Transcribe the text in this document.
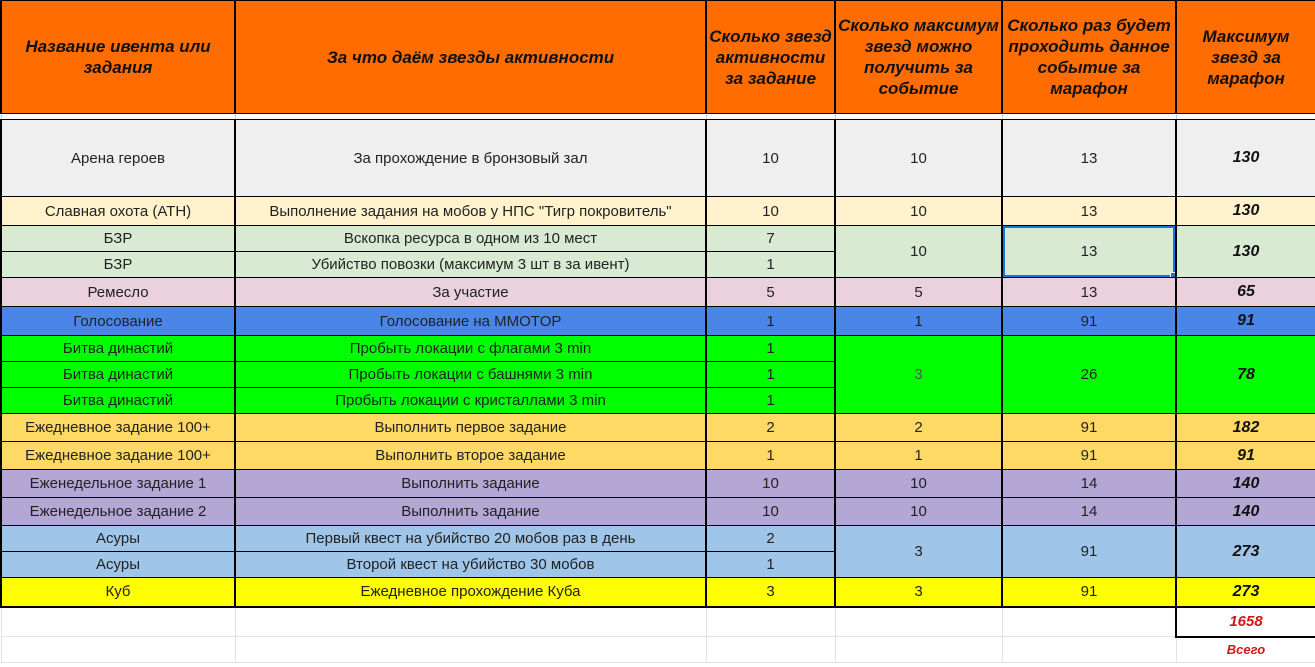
Название ивента или задания	За что даём звезды активности	Сколько звезд активности за задание	Сколько максимум звезд можно получить за событие	Сколько раз будет проходить данное событие за марафон	Максимум звезд за марафон

Арена героев	За прохождение в бронзовый зал	10	10	13	130
Славная охота (АТН)	Выполнение задания на мобов у НПС "Тигр покровитель"	10	10	13	130
БЗР	Вскопка ресурса в одном из 10 мест	7	10	13	130
БЗР	Убийство повозки (максимум 3 шт в за ивент)	1			
Ремесло	За участие	5	5	13	65
Голосование	Голосование на MMOTOP	1	1	91	91
Битва династий	Пробыть локации с флагами 3 min	1	3	26	78
Битва династий	Пробыть локации с башнями 3 min	1			
Битва династий	Пробыть локации с кристаллами 3 min	1			
Ежедневное задание 100+	Выполнить первое задание	2	2	91	182
Ежедневное задание 100+	Выполнить второе задание	1	1	91	91
Еженедельное задание 1	Выполнить задание	10	10	14	140
Еженедельное задание 2	Выполнить задание	10	10	14	140
Асуры	Первый квест на убийство 20 мобов раз в день	2	3	91	273
Асуры	Второй квест на убийство 30 мобов	1			
Куб	Ежедневное прохождение Куба	3	3	91	273
					1658
					Всего
